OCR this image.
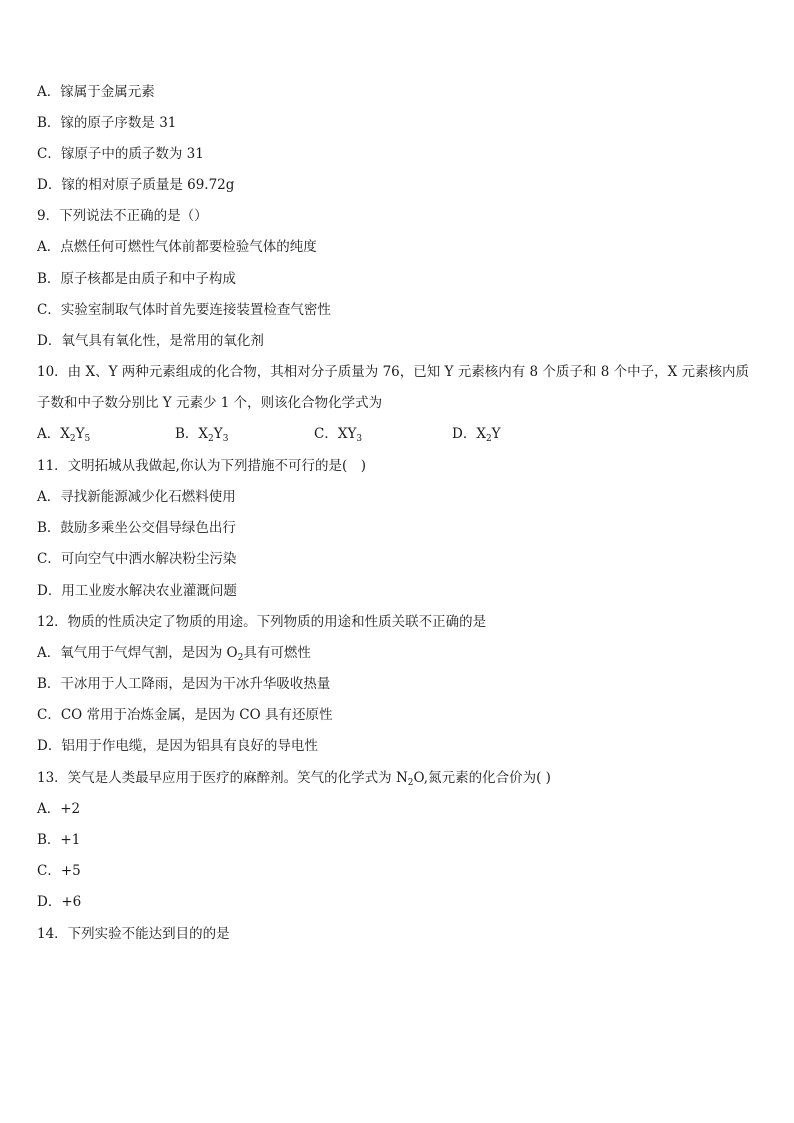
A．镓属于金属元素
B．镓的原子序数是 31
C．镓原子中的质子数为 31
D．镓的相对原子质量是 69.72g
9．下列说法不正确的是（）
A．点燃任何可燃性气体前都要检验气体的纯度
B．原子核都是由质子和中子构成
C．实验室制取气体时首先要连接装置检查气密性
D．氧气具有氧化性，是常用的氧化剂
10．由 X、Y 两种元素组成的化合物，其相对分子质量为 76，已知 Y 元素核内有 8 个质子和 8 个中子，X 元素核内质
子数和中子数分别比 Y 元素少 1 个，则该化合物化学式为
A．$X_2Y_5$	B．$X_2Y_3$	C．$XY_3$	D．$X_2Y$
11．文明拓城从我做起,你认为下列措施不可行的是(　)
A．寻找新能源减少化石燃料使用
B．鼓励多乘坐公交倡导绿色出行
C．可向空气中洒水解决粉尘污染
D．用工业废水解决农业灌溉问题
12．物质的性质决定了物质的用途。下列物质的用途和性质关联不正确的是
A．氧气用于气焊气割，是因为 $O_2$具有可燃性
B．干冰用于人工降雨，是因为干冰升华吸收热量
C．CO 常用于冶炼金属，是因为 CO 具有还原性
D．铝用于作电缆，是因为铝具有良好的导电性
13．笑气是人类最早应用于医疗的麻醉剂。笑气的化学式为 $N_2O$,氮元素的化合价为( )
A．+2
B．+1
C．+5
D．+6
14．下列实验不能达到目的的是
